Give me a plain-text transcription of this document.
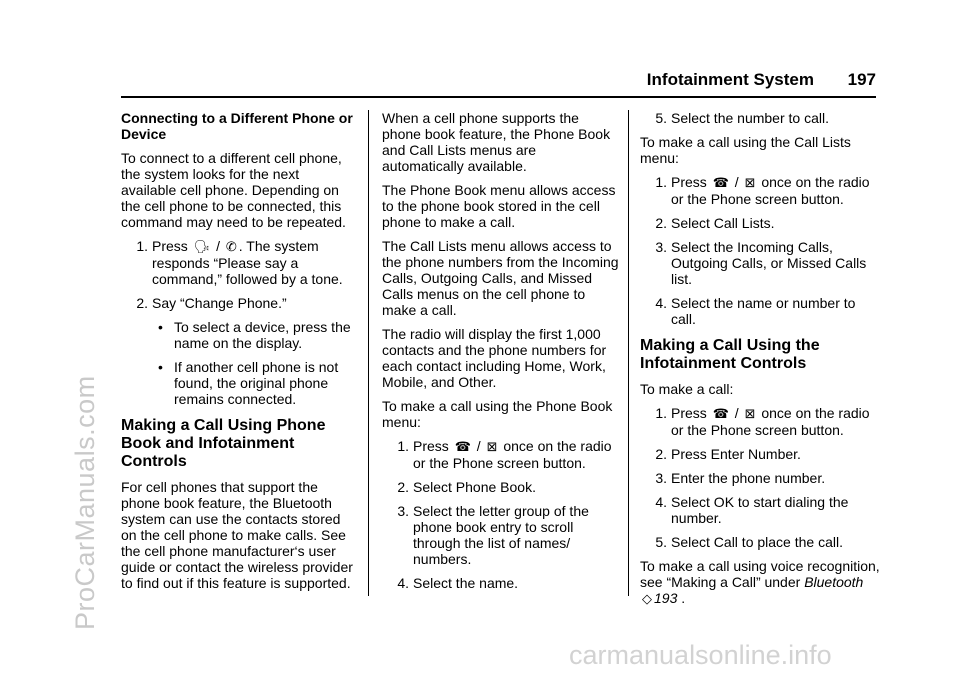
Infotainment System 197
Connecting to a Different Phone or Device
To connect to a different cell phone, the system looks for the next available cell phone. Depending on the cell phone to be connected, this command may need to be repeated.
1. Press 🗣 / ✆ . The system responds “Please say a command,” followed by a tone.
2. Say “Change Phone.”
• To select a device, press the name on the display.
• If another cell phone is not found, the original phone remains connected.
Making a Call Using Phone Book and Infotainment Controls
For cell phones that support the phone book feature, the Bluetooth system can use the contacts stored on the cell phone to make calls. See the cell phone manufacturer‘s user guide or contact the wireless provider to find out if this feature is supported.
When a cell phone supports the phone book feature, the Phone Book and Call Lists menus are automatically available.
The Phone Book menu allows access to the phone book stored in the cell phone to make a call.
The Call Lists menu allows access to the phone numbers from the Incoming Calls, Outgoing Calls, and Missed Calls menus on the cell phone to make a call.
The radio will display the first 1,000 contacts and the phone numbers for each contact including Home, Work, Mobile, and Other.
To make a call using the Phone Book menu:
1. Press ☎ / ⊠ once on the radio or the Phone screen button.
2. Select Phone Book.
3. Select the letter group of the phone book entry to scroll through the list of names/ numbers.
4. Select the name.
5. Select the number to call.
To make a call using the Call Lists menu:
1. Press ☎ / ⊠ once on the radio or the Phone screen button.
2. Select Call Lists.
3. Select the Incoming Calls, Outgoing Calls, or Missed Calls list.
4. Select the name or number to call.
Making a Call Using the Infotainment Controls
To make a call:
1. Press ☎ / ⊠ once on the radio or the Phone screen button.
2. Press Enter Number.
3. Enter the phone number.
4. Select OK to start dialing the number.
5. Select Call to place the call.
To make a call using voice recognition, see “Making a Call” under Bluetooth ◇ 193 .
ProCarManuals.com
carmanualsonline.info
